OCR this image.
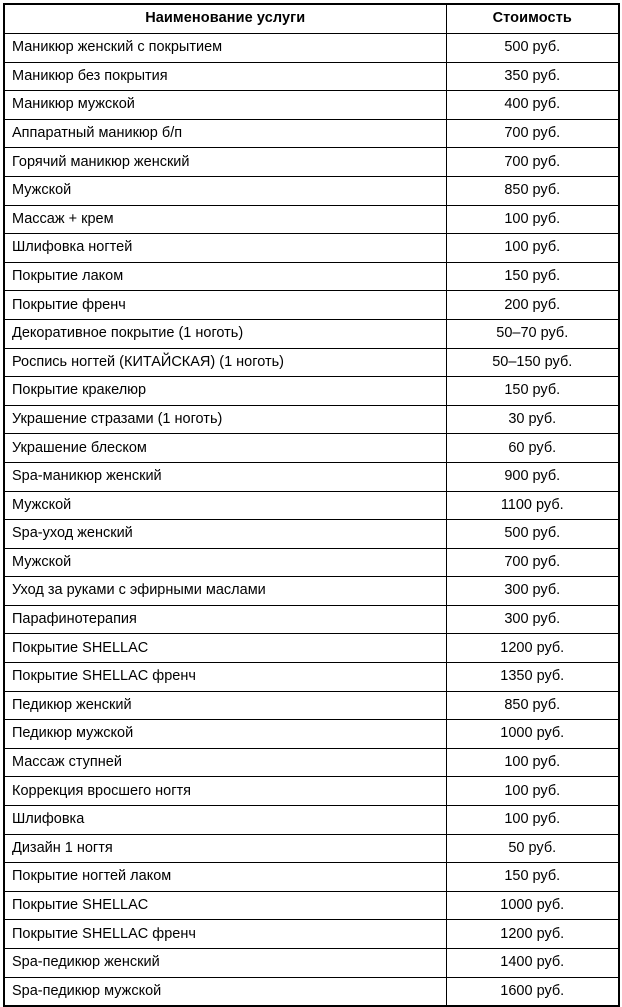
Наименование услуги	Стоимость
Маникюр женский с покрытием	500 руб.
Маникюр без покрытия	350 руб.
Маникюр мужской	400 руб.
Аппаратный маникюр б/п	700 руб.
Горячий маникюр женский	700 руб.
Мужской	850 руб.
Массаж + крем	100 руб.
Шлифовка ногтей	100 руб.
Покрытие лаком	150 руб.
Покрытие френч	200 руб.
Декоративное покрытие (1 ноготь)	50–70 руб.
Роспись ногтей (КИТАЙСКАЯ) (1 ноготь)	50–150 руб.
Покрытие кракелюр	150 руб.
Украшение стразами (1 ноготь)	30 руб.
Украшение блеском	60 руб.
Spa-маникюр женский	900 руб.
Мужской	1100 руб.
Spa-уход женский	500 руб.
Мужской	700 руб.
Уход за руками с эфирными маслами	300 руб.
Парафинотерапия	300 руб.
Покрытие SHELLAC	1200 руб.
Покрытие SHELLAC френч	1350 руб.
Педикюр женский	850 руб.
Педикюр мужской	1000 руб.
Массаж ступней	100 руб.
Коррекция вросшего ногтя	100 руб.
Шлифовка	100 руб.
Дизайн 1 ногтя	50 руб.
Покрытие ногтей лаком	150 руб.
Покрытие SHELLAC	1000 руб.
Покрытие SHELLAC френч	1200 руб.
Spa-педикюр женский	1400 руб.
Spa-педикюр мужской	1600 руб.
